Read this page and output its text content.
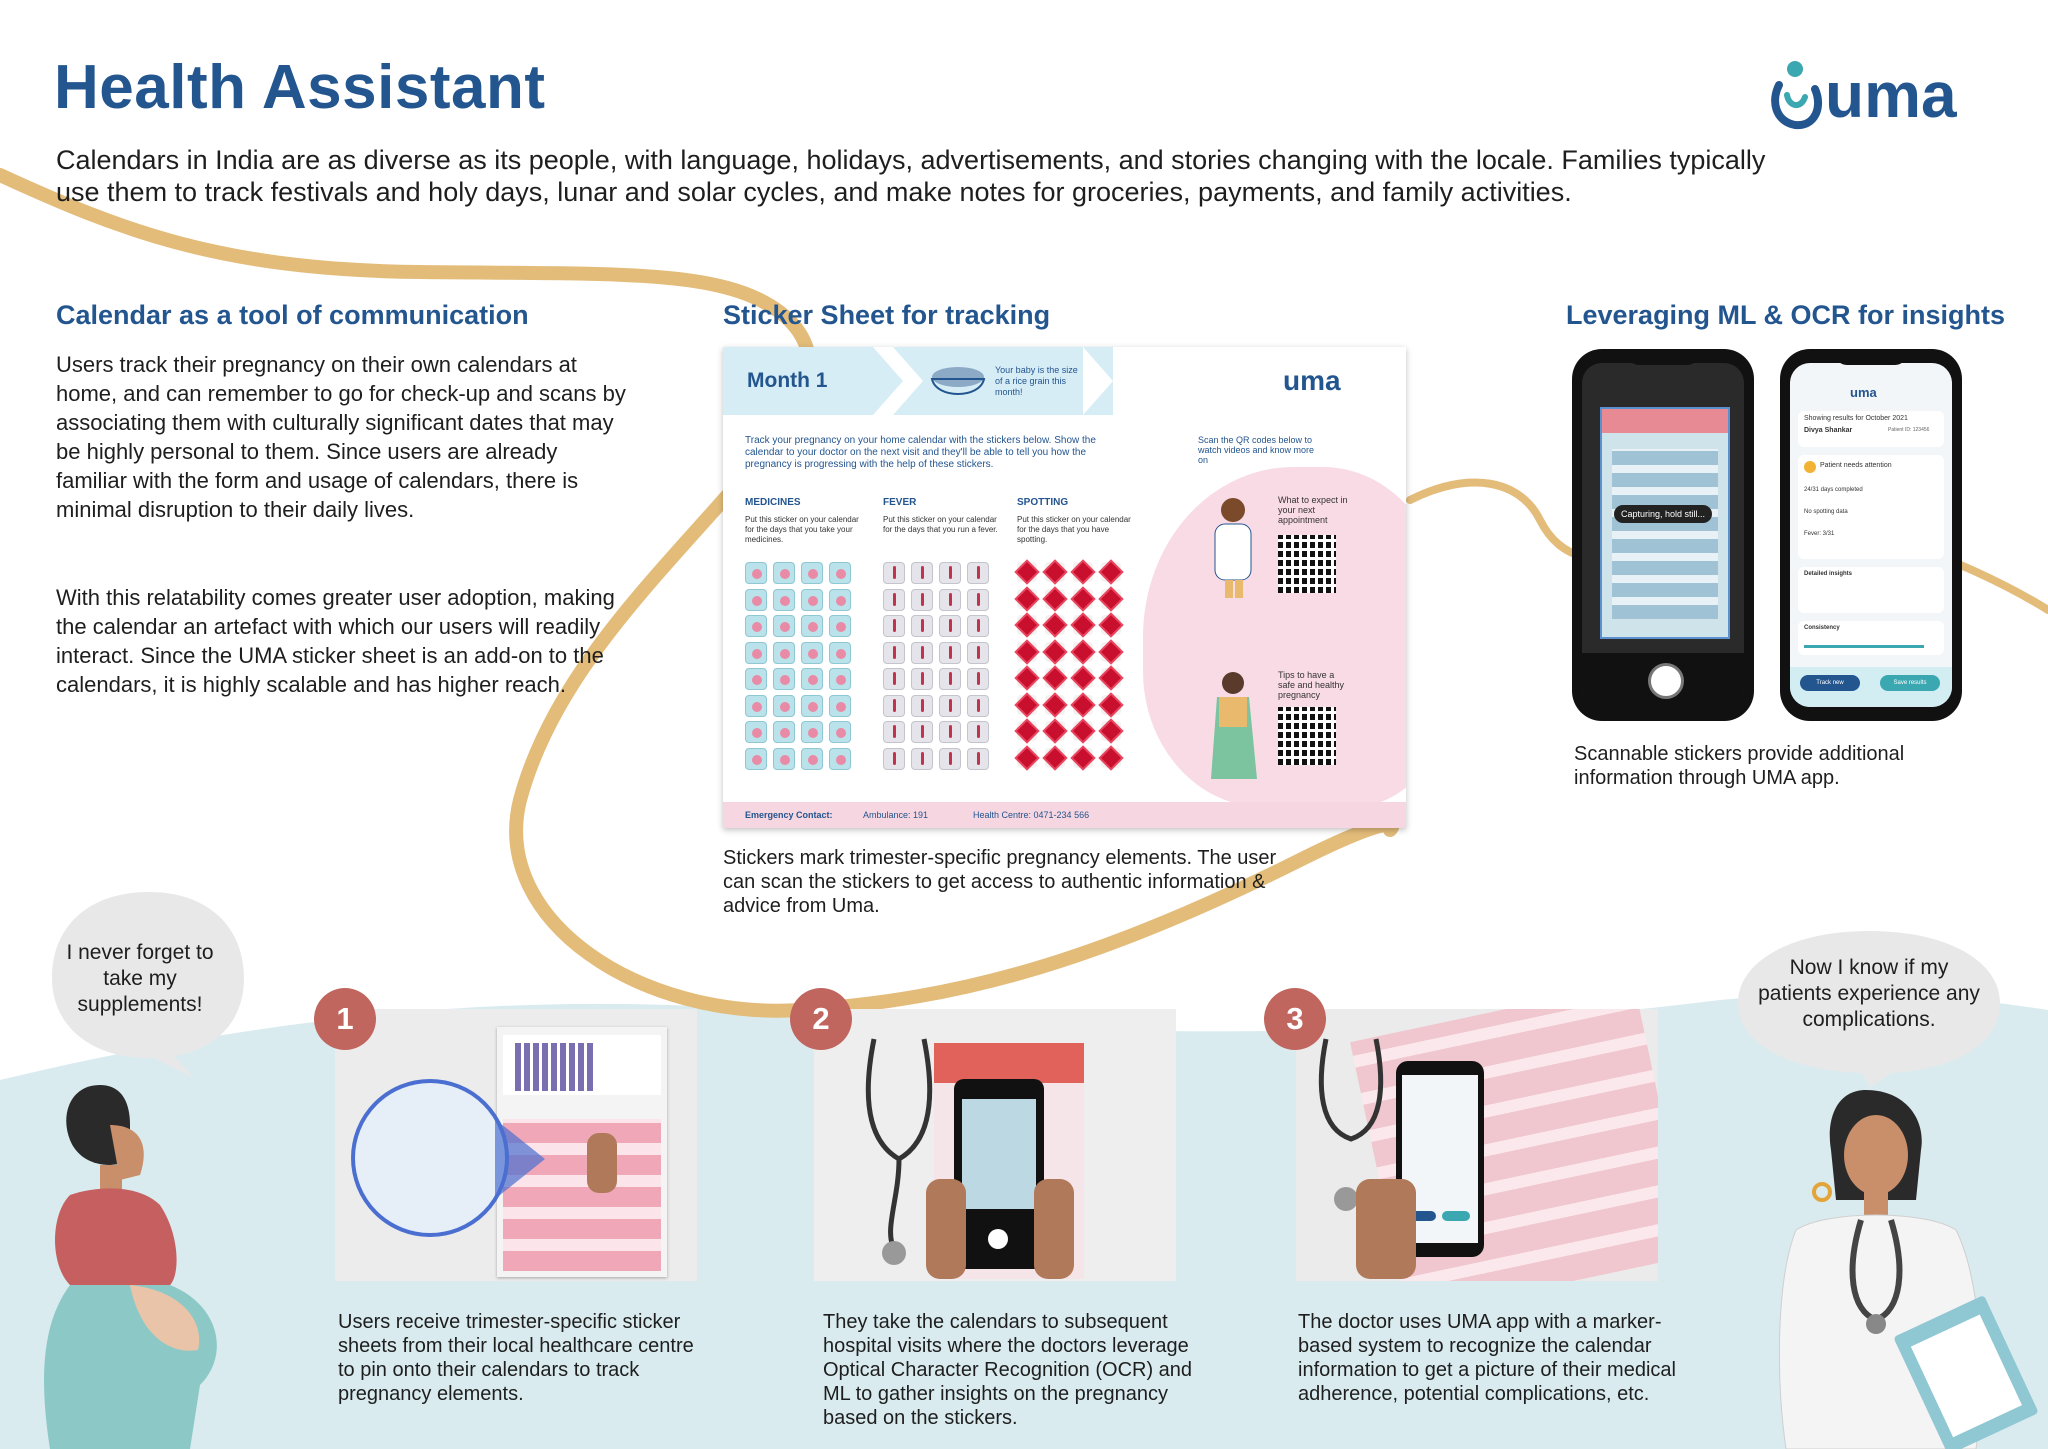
Health Assistant	uma
Calendars in India are as diverse as its people, with language, holidays, advertisements, and stories changing with the locale. Families typically use them to track festivals and holy days, lunar and solar cycles, and make notes for groceries, payments, and family activities.
Calendar as a tool of communication
Users track their pregnancy on their own calendars at home, and can remember to go for check-up and scans by associating them with culturally significant dates that may be highly personal to them. Since users are already familiar with the form and usage of calendars, there is minimal disruption to their daily lives.
With this relatability comes greater user adoption, making the calendar an artefact with which our users will readily interact. Since the UMA sticker sheet is an add-on to the calendars, it is highly scalable and has higher reach.
Sticker Sheet for tracking
Month 1	Your baby is the size of a rice grain this month!	uma
Track your pregnancy on your home calendar with the stickers below. Show the calendar to your doctor on the next visit and they'll be able to tell you how the pregnancy is progressing with the help of these stickers.
Scan the QR codes below to watch videos and know more on
MEDICINES
Put this sticker on your calendar for the days that you take your medicines.
FEVER
Put this sticker on your calendar for the days that you run a fever.
SPOTTING
Put this sticker on your calendar for the days that you have spotting.
What to expect in your next appointment
Tips to have a safe and healthy pregnancy
Emergency Contact:	Ambulance: 191	Health Centre: 0471-234 566
Stickers mark trimester-specific pregnancy elements. The user can scan the stickers to get access to authentic information & advice from Uma.
Leveraging ML & OCR for insights
Capturing, hold still...
uma
Showing results for October 2021
Divya Shankar	Patient ID: 123456
Patient needs attention
24/31 days completed
No spotting data
Fever: 3/31
Detailed insights
Consistency
Track new	Save results
Scannable stickers provide additional information through UMA app.
I never forget to take my supplements!
Now I know if my patients experience any complications.
1
Users receive trimester-specific sticker sheets from their local healthcare centre to pin onto their calendars to track pregnancy elements.
2
They take the calendars to subsequent hospital visits where the doctors leverage Optical Character Recognition (OCR) and ML to gather insights on the pregnancy based on the stickers.
3
The doctor uses UMA app with a marker-based system to recognize the calendar information to get a picture of their medical adherence, potential complications, etc.
